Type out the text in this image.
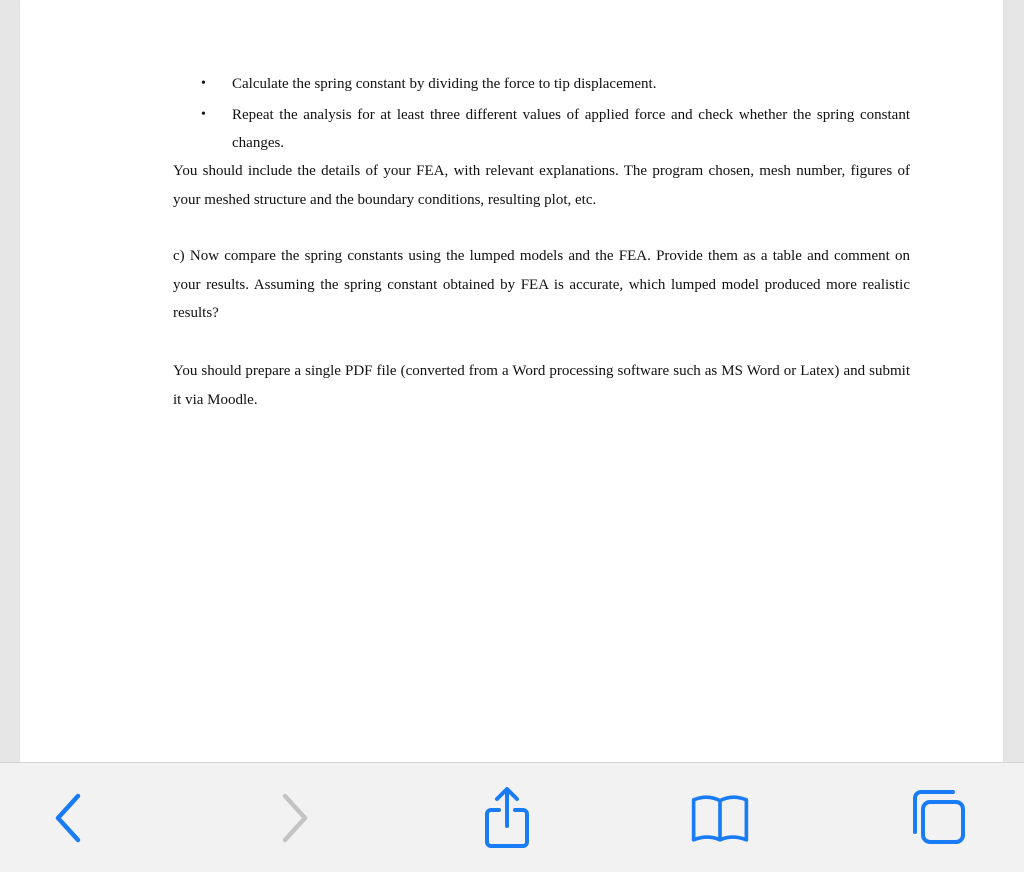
• Calculate the spring constant by dividing the force to tip displacement.
• Repeat the analysis for at least three different values of applied force and check whether the spring constant changes.

You should include the details of your FEA, with relevant explanations. The program chosen, mesh number, figures of your meshed structure and the boundary conditions, resulting plot, etc.

c) Now compare the spring constants using the lumped models and the FEA. Provide them as a table and comment on your results. Assuming the spring constant obtained by FEA is accurate, which lumped model produced more realistic results?

You should prepare a single PDF file (converted from a Word processing software such as MS Word or Latex) and submit it via Moodle.
